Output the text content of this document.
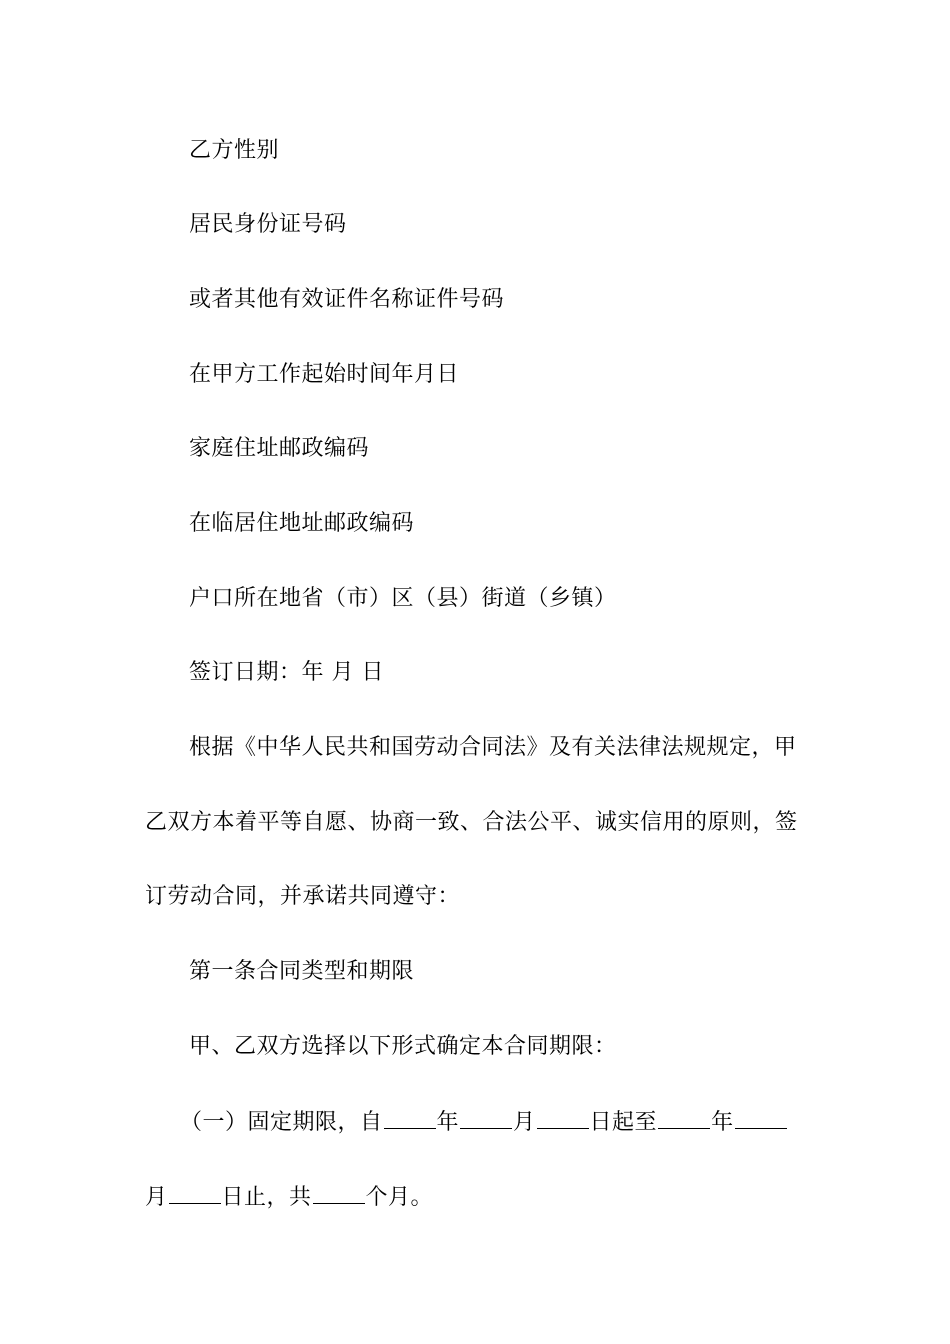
乙方性别
居民身份证号码
或者其他有效证件名称证件号码
在甲方工作起始时间年月日
家庭住址邮政编码
在临居住地址邮政编码
户口所在地省（市）区（县）街道（乡镇）
签订日期：年 月 日
根据《中华人民共和国劳动合同法》及有关法律法规规定，甲
乙双方本着平等自愿、协商一致、合法公平、诚实信用的原则，签
订劳动合同，并承诺共同遵守：
第一条合同类型和期限
甲、乙双方选择以下形式确定本合同期限：
（一）固定期限，自 年 月 日起至 年
月 日止，共 个月。
